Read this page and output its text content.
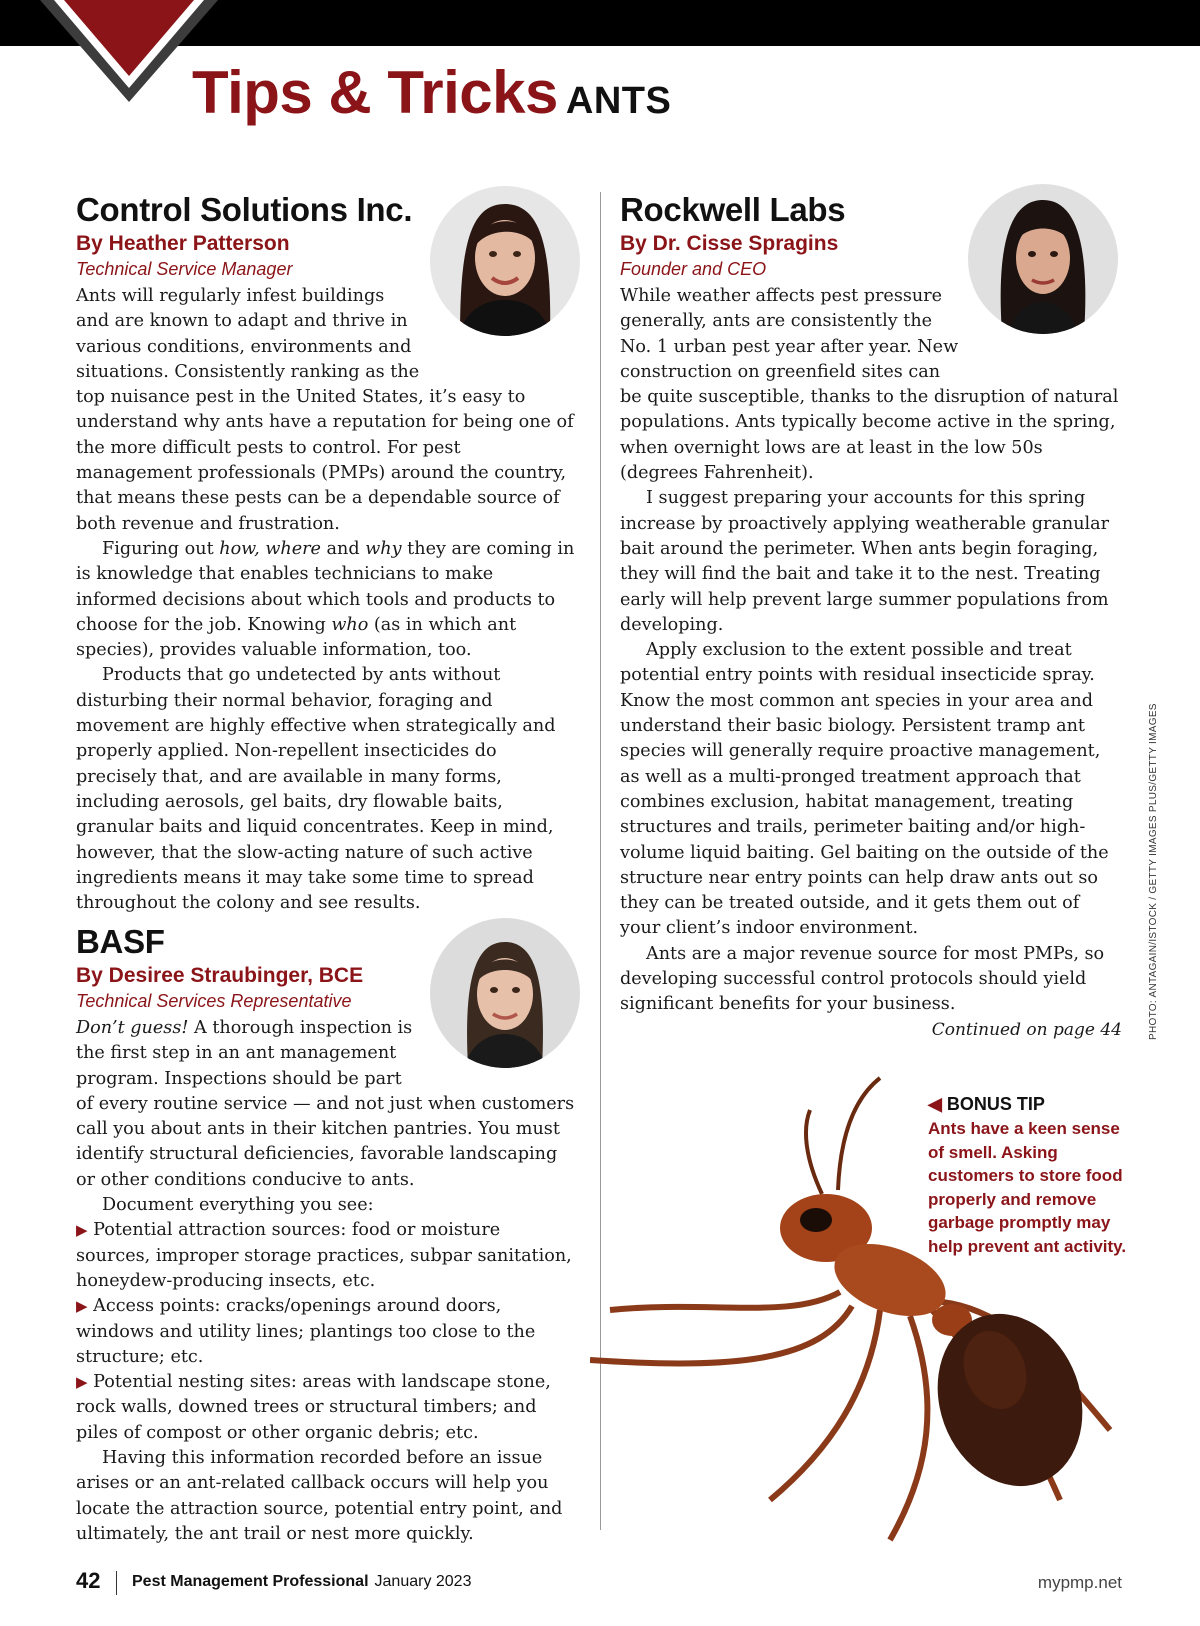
Tips & Tricks ANTS
Control Solutions Inc.

By Heather Patterson

Technical Service Manager

Ants will regularly infest buildings and are known to adapt and thrive in various conditions, environments and situations. Consistently ranking as the top nuisance pest in the United States, it’s easy to understand why ants have a reputation for being one of the more difficult pests to control. For pest management professionals (PMPs) around the country, that means these pests can be a dependable source of both revenue and frustration.

Figuring out how, where and why they are coming in is knowledge that enables technicians to make informed decisions about which tools and products to choose for the job. Knowing who (as in which ant species), provides valuable information, too.

Products that go undetected by ants without disturbing their normal behavior, foraging and movement are highly effective when strategically and properly applied. Non-repellent insecticides do precisely that, and are available in many forms, including aerosols, gel baits, dry flowable baits, granular baits and liquid concentrates. Keep in mind, however, that the slow-acting nature of such active ingredients means it may take some time to spread throughout the colony and see results.

BASF

By Desiree Straubinger, BCE

Technical Services Representative

Don’t guess! A thorough inspection is the first step in an ant management program. Inspections should be part of every routine service — and not just when customers call you about ants in their kitchen pantries. You must identify structural deficiencies, favorable landscaping or other conditions conducive to ants.

Document everything you see:

▶ Potential attraction sources: food or moisture sources, improper storage practices, subpar sanitation, honeydew-producing insects, etc.

▶ Access points: cracks/openings around doors, windows and utility lines; plantings too close to the structure; etc.

▶ Potential nesting sites: areas with landscape stone, rock walls, downed trees or structural timbers; and piles of compost or other organic debris; etc.

Having this information recorded before an issue arises or an ant-related callback occurs will help you locate the attraction source, potential entry point, and ultimately, the ant trail or nest more quickly.

Rockwell Labs

By Dr. Cisse Spragins

Founder and CEO

While weather affects pest pressure generally, ants are consistently the No. 1 urban pest year after year. New construction on greenfield sites can be quite susceptible, thanks to the disruption of natural populations. Ants typically become active in the spring, when overnight lows are at least in the low 50s (degrees Fahrenheit).

I suggest preparing your accounts for this spring increase by proactively applying weatherable granular bait around the perimeter. When ants begin foraging, they will find the bait and take it to the nest. Treating early will help prevent large summer populations from developing.

Apply exclusion to the extent possible and treat potential entry points with residual insecticide spray. Know the most common ant species in your area and understand their basic biology. Persistent tramp ant species will generally require proactive management, as well as a multi-pronged treatment approach that combines exclusion, habitat management, treating structures and trails, perimeter baiting and/or high-volume liquid baiting. Gel baiting on the outside of the structure near entry points can help draw ants out so they can be treated outside, and it gets them out of your client’s indoor environment.

Ants are a major revenue source for most PMPs, so developing successful control protocols should yield significant benefits for your business.

Continued on page 44	PHOTO: ANTAGAIN/ISTOCK / GETTY IMAGES PLUS/GETTY IMAGES

◀ BONUS TIP

Ants have a keen sense of smell. Asking customers to store food properly and remove garbage promptly may help prevent ant activity.

42 Pest Management Professional January 2023	mypmp.net
